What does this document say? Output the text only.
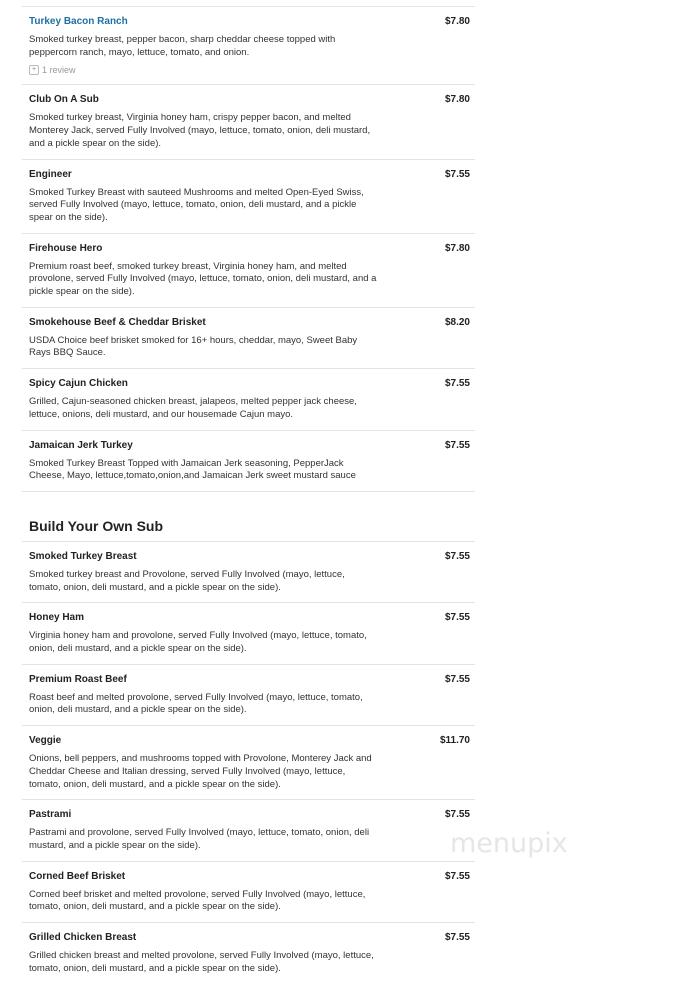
Turkey Bacon Ranch	$7.80
Smoked turkey breast, pepper bacon, sharp cheddar cheese topped with peppercorn ranch, mayo, lettuce, tomato, and onion.
+ 1 review
Club On A Sub	$7.80
Smoked turkey breast, Virginia honey ham, crispy pepper bacon, and melted Monterey Jack, served Fully Involved (mayo, lettuce, tomato, onion, deli mustard, and a pickle spear on the side).
Engineer	$7.55
Smoked Turkey Breast with sauteed Mushrooms and melted Open-Eyed Swiss, served Fully Involved (mayo, lettuce, tomato, onion, deli mustard, and a pickle spear on the side).
Firehouse Hero	$7.80
Premium roast beef, smoked turkey breast, Virginia honey ham, and melted provolone, served Fully Involved (mayo, lettuce, tomato, onion, deli mustard, and a pickle spear on the side).
Smokehouse Beef & Cheddar Brisket	$8.20
USDA Choice beef brisket smoked for 16+ hours, cheddar, mayo, Sweet Baby Rays BBQ Sauce.
Spicy Cajun Chicken	$7.55
Grilled, Cajun-seasoned chicken breast, jalapeos, melted pepper jack cheese, lettuce, onions, deli mustard, and our housemade Cajun mayo.
Jamaican Jerk Turkey	$7.55
Smoked Turkey Breast Topped with Jamaican Jerk seasoning, PepperJack Cheese, Mayo, lettuce,tomato,onion,and Jamaican Jerk sweet mustard sauce
Build Your Own Sub
Smoked Turkey Breast	$7.55
Smoked turkey breast and Provolone, served Fully Involved (mayo, lettuce, tomato, onion, deli mustard, and a pickle spear on the side).
Honey Ham	$7.55
Virginia honey ham and provolone, served Fully Involved (mayo, lettuce, tomato, onion, deli mustard, and a pickle spear on the side).
Premium Roast Beef	$7.55
Roast beef and melted provolone, served Fully Involved (mayo, lettuce, tomato, onion, deli mustard, and a pickle spear on the side).
Veggie	$11.70
Onions, bell peppers, and mushrooms topped with Provolone, Monterey Jack and Cheddar Cheese and Italian dressing, served Fully Involved (mayo, lettuce, tomato, onion, deli mustard, and a pickle spear on the side).
Pastrami	$7.55
Pastrami and provolone, served Fully Involved (mayo, lettuce, tomato, onion, deli mustard, and a pickle spear on the side).
Corned Beef Brisket	$7.55
Corned beef brisket and melted provolone, served Fully Involved (mayo, lettuce, tomato, onion, deli mustard, and a pickle spear on the side).
Grilled Chicken Breast	$7.55
Grilled chicken breast and melted provolone, served Fully Involved (mayo, lettuce, tomato, onion, deli mustard, and a pickle spear on the side).
menupix
